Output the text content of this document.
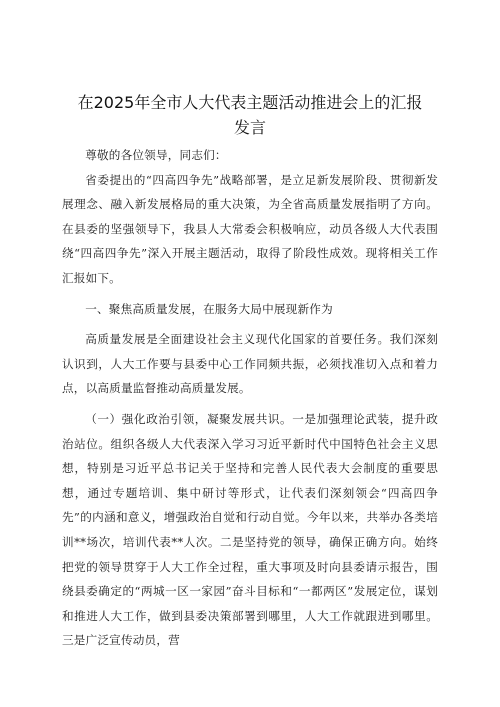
在2025年全市人大代表主题活动推进会上的汇报发言

尊敬的各位领导，同志们：

省委提出的“四高四争先”战略部署，是立足新发展阶段、贯彻新发展理念、融入新发展格局的重大决策，为全省高质量发展指明了方向。在县委的坚强领导下，我县人大常委会积极响应，动员各级人大代表围绕“四高四争先”深入开展主题活动，取得了阶段性成效。现将相关工作汇报如下。

一、聚焦高质量发展，在服务大局中展现新作为

高质量发展是全面建设社会主义现代化国家的首要任务。我们深刻认识到，人大工作要与县委中心工作同频共振，必须找准切入点和着力点，以高质量监督推动高质量发展。

（一）强化政治引领，凝聚发展共识。一是加强理论武装，提升政治站位。组织各级人大代表深入学习习近平新时代中国特色社会主义思想，特别是习近平总书记关于坚持和完善人民代表大会制度的重要思想，通过专题培训、集中研讨等形式，让代表们深刻领会“四高四争先”的内涵和意义，增强政治自觉和行动自觉。今年以来，共举办各类培训**场次，培训代表**人次。二是坚持党的领导，确保正确方向。始终把党的领导贯穿于人大工作全过程，重大事项及时向县委请示报告，围绕县委确定的“两城一区一家园”奋斗目标和“一都两区”发展定位，谋划和推进人大工作，做到县委决策部署到哪里，人大工作就跟进到哪里。三是广泛宣传动员，营
